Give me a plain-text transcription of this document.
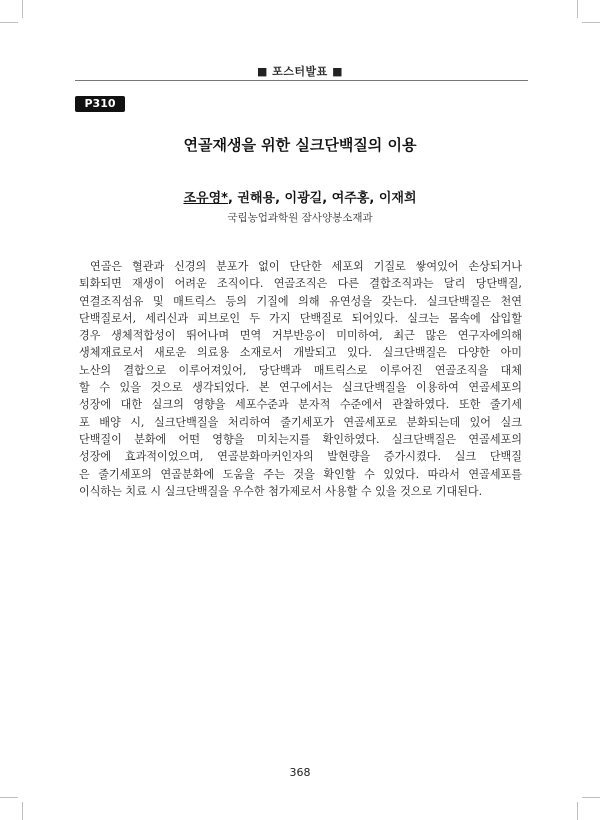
■ 포스터발표 ■
P310
연골재생을 위한 실크단백질의 이용
조유영*, 권해용, 이광길, 여주홍, 이재희
국립농업과학원 잠사양봉소재과
연골은 혈관과 신경의 분포가 없이 단단한 세포외 기질로 쌓여있어 손상되거나
퇴화되면 재생이 어려운 조직이다. 연골조직은 다른 결합조직과는 달리 당단백질,
연결조직섬유 및 매트릭스 등의 기질에 의해 유연성을 갖는다. 실크단백질은 천연
단백질로서, 세리신과 피브로인 두 가지 단백질로 되어있다. 실크는 몸속에 삽입할
경우 생체적합성이 뛰어나며 면역 거부반응이 미미하여, 최근 많은 연구자에의해
생체재료로서 새로운 의료용 소재로서 개발되고 있다. 실크단백질은 다양한 아미
노산의 결합으로 이루어져있어, 당단백과 매트릭스로 이루어진 연골조직을 대체
할 수 있을 것으로 생각되었다. 본 연구에서는 실크단백질을 이용하여 연골세포의
성장에 대한 실크의 영향을 세포수준과 분자적 수준에서 관찰하였다. 또한 줄기세
포 배양 시, 실크단백질을 처리하여 줄기세포가 연골세포로 분화되는데 있어 실크
단백질이 분화에 어떤 영향을 미치는지를 확인하였다. 실크단백질은 연골세포의
성장에 효과적이었으며, 연골분화마커인자의 발현량을 증가시켰다. 실크 단백질
은 줄기세포의 연골분화에 도움을 주는 것을 확인할 수 있었다. 따라서 연골세포를
이식하는 치료 시 실크단백질을 우수한 첨가제로서 사용할 수 있을 것으로 기대된다.
368
